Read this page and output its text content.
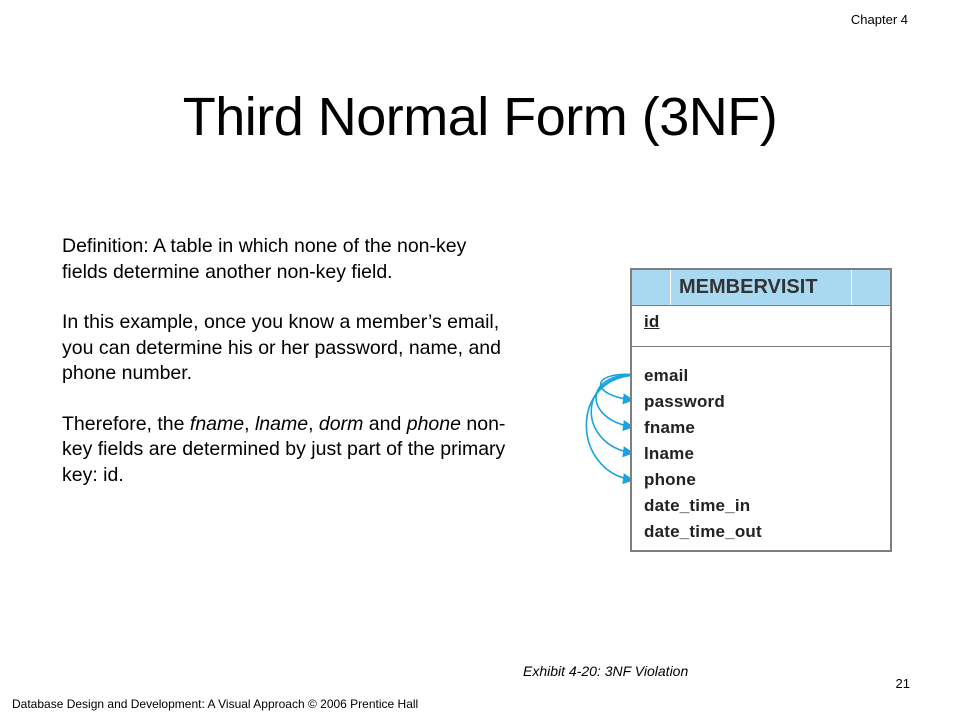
Chapter 4
Third Normal Form (3NF)

Definition: A table in which none of the non-key fields determine another non-key field.

In this example, once you know a member’s email, you can determine his or her password, name, and phone number.

Therefore, the fname, lname, dorm and phone non-key fields are determined by just part of the primary key: id.

MEMBERVISIT
id
email
password
fname
lname
phone
date_time_in
date_time_out
Exhibit 4-20: 3NF Violation
21
Database Design and Development: A Visual Approach © 2006 Prentice Hall
